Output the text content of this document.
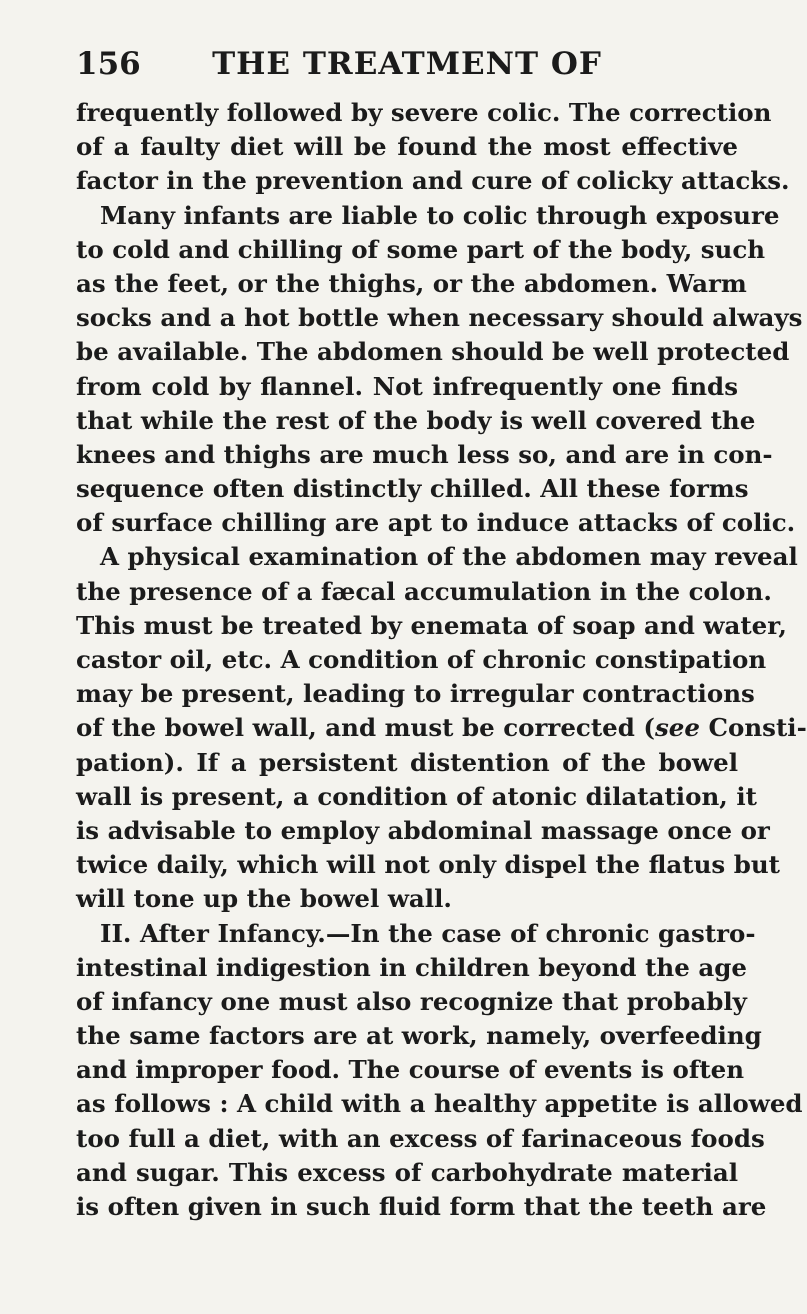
156	THE TREATMENT OF
frequently followed by severe colic. The correction
of a faulty diet will be found the most effective
factor in the prevention and cure of colicky attacks.
Many infants are liable to colic through exposure
to cold and chilling of some part of the body, such
as the feet, or the thighs, or the abdomen. Warm
socks and a hot bottle when necessary should always
be available. The abdomen should be well protected
from cold by flannel. Not infrequently one finds
that while the rest of the body is well covered the
knees and thighs are much less so, and are in con-
sequence often distinctly chilled. All these forms
of surface chilling are apt to induce attacks of colic.
A physical examination of the abdomen may reveal
the presence of a fæcal accumulation in the colon.
This must be treated by enemata of soap and water,
castor oil, etc. A condition of chronic constipation
may be present, leading to irregular contractions
of the bowel wall, and must be corrected (see Consti-
pation). If a persistent distention of the bowel
wall is present, a condition of atonic dilatation, it
is advisable to employ abdominal massage once or
twice daily, which will not only dispel the flatus but
will tone up the bowel wall.
II. After Infancy.—In the case of chronic gastro-
intestinal indigestion in children beyond the age
of infancy one must also recognize that probably
the same factors are at work, namely, overfeeding
and improper food. The course of events is often
as follows : A child with a healthy appetite is allowed
too full a diet, with an excess of farinaceous foods
and sugar. This excess of carbohydrate material
is often given in such fluid form that the teeth are
